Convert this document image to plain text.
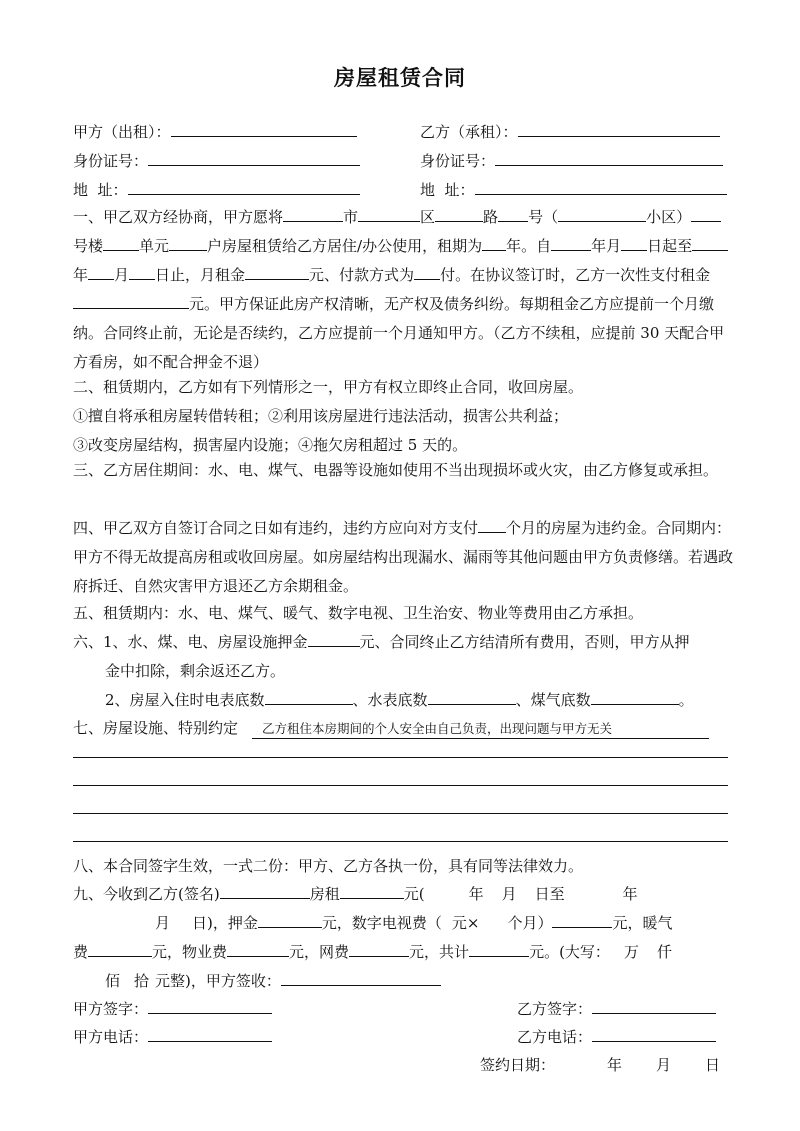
房屋租赁合同
甲方（出租）：	乙方（承租）：
身份证号：	身份证号：
地  址：	地  址：
一、甲乙双方经协商，甲方愿将	市	区	路 号（	小区）号楼 单元	户房屋租赁给乙方居住/办公使用，租期为 年。自	年月 日起至年 月 日止，月租金	元、付款方式为 付。在协议签订时，乙方一次性支付租金元。甲方保证此房产权清晰，无产权及债务纠纷。每期租金乙方应提前一个月缴纳。合同终止前，无论是否续约，乙方应提前一个月通知甲方。（乙方不续租，应提前 30 天配合甲方看房，如不配合押金不退）
二、租赁期内，乙方如有下列情形之一，甲方有权立即终止合同，收回房屋。
①擅自将承租房屋转借转租；②利用该房屋进行违法活动，损害公共利益；
③改变房屋结构，损害屋内设施；④拖欠房租超过 5 天的。
三、乙方居住期间：水、电、煤气、电器等设施如使用不当出现损坏或火灾，由乙方修复或承担。
四、甲乙双方自签订合同之日如有违约，违约方应向对方支付 个月的房屋为违约金。合同期内：甲方不得无故提高房租或收回房屋。如房屋结构出现漏水、漏雨等其他问题由甲方负责修缮。若遇政府拆迁、自然灾害甲方退还乙方余期租金。
五、租赁期内：水、电、煤气、暖气、数字电视、卫生治安、物业等费用由乙方承担。
六、1、水、煤、电、房屋设施押金	元、合同终止乙方结清所有费用，否则，甲方从押
金中扣除，剩余返还乙方。
2、房屋入住时电表底数	、水表底数	、煤气底数	。
七、房屋设施、特别约定 乙方租住本房期间的个人安全由自己负责，出现问题与甲方无关
八、本合同签字生效，一式二份：甲方、乙方各执一份，具有同等法律效力。
九、今收到乙方(签名)	房租	元(	年 月 日至	年
月 日)，押金	元，数字电视费（ 元× 个月）	元，暖气
费	元，物业费	元，网费	元，共计	元。(大写： 万 仟
佰 拾 元整)，甲方签收：
甲方签字：	乙方签字：
甲方电话：	乙方电话：
签约日期：	年 月 日
